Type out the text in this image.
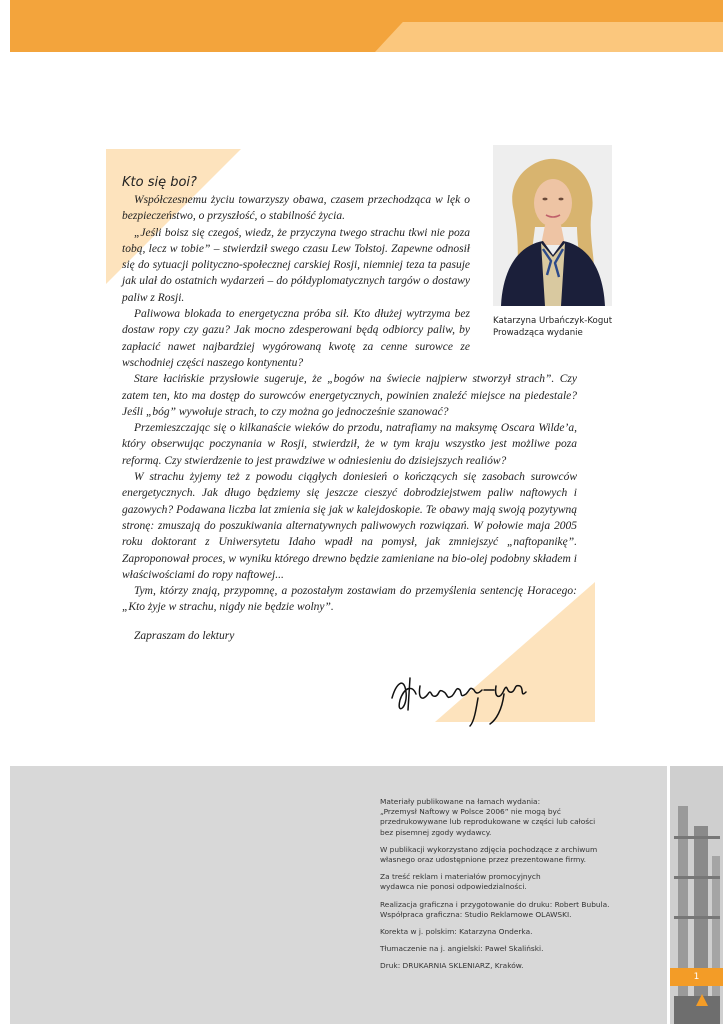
Katarzyna Urbańczyk-Kogut
Prowadząca wydanie
Kto się boi?

Współczesnemu życiu towarzyszy obawa, czasem przechodząca w lęk o bezpieczeństwo, o przyszłość, o stabilność życia.

„Jeśli boisz się czegoś, wiedz, że przyczyna twego strachu tkwi nie poza tobą, lecz w tobie” – stwierdził swego czasu Lew Tołstoj. Zapewne odnosił się do sytuacji polityczno-społecznej carskiej Rosji, niemniej teza ta pasuje jak ulał do ostatnich wydarzeń – do półdyplomatycznych targów o dostawy paliw z Rosji.

Paliwowa blokada to energetyczna próba sił. Kto dłużej wytrzyma bez dostaw ropy czy gazu? Jak mocno zdesperowani będą odbiorcy paliw, by zapłacić nawet najbardziej wygórowaną kwotę za cenne surowce ze wschodniej części naszego kontynentu?

Stare łacińskie przysłowie sugeruje, że „bogów na świecie najpierw stworzył strach”. Czy zatem ten, kto ma dostęp do surowców energetycznych, powinien znaleźć miejsce na piedestale? Jeśli „bóg” wywołuje strach, to czy można go jednocześnie szanować?

Przemieszczając się o kilkanaście wieków do przodu, natrafiamy na maksymę Oscara Wilde’a, który obserwując poczynania w Rosji, stwierdził, że w tym kraju wszystko jest możliwe poza reformą. Czy stwierdzenie to jest prawdziwe w odniesieniu do dzisiejszych realiów?

W strachu żyjemy też z powodu ciągłych doniesień o kończących się zasobach surowców energetycznych. Jak długo będziemy się jeszcze cieszyć dobrodziejstwem paliw naftowych i gazowych? Podawana liczba lat zmienia się jak w kalejdoskopie. Te obawy mają swoją pozytywną stronę: zmuszają do poszukiwania alternatywnych paliwowych rozwiązań. W połowie maja 2005 roku doktorant z Uniwersytetu Idaho wpadł na pomysł, jak zmniejszyć „naftopanikę”. Zaproponował proces, w wyniku którego drewno będzie zamieniane na bio-olej podobny składem i właściwościami do ropy naftowej...

Tym, którzy znają, przypomnę, a pozostałym zostawiam do przemyślenia sentencję Horacego: „Kto żyje w strachu, nigdy nie będzie wolny”.

Zapraszam do lektury

Materiały publikowane na łamach wydania:
„Przemysł Naftowy w Polsce 2006” nie mogą być
przedrukowywane lub reprodukowane w części lub całości
bez pisemnej zgody wydawcy.

W publikacji wykorzystano zdjęcia pochodzące z archiwum
własnego oraz udostępnione przez prezentowane firmy.

Za treść reklam i materiałów promocyjnych
wydawca nie ponosi odpowiedzialności.

Realizacja graficzna i przygotowanie do druku: Robert Bubula.
Współpraca graficzna: Studio Reklamowe OLAWSKI.

Korekta w j. polskim: Katarzyna Onderka.

Tłumaczenie na j. angielski: Paweł Skaliński.

Druk: DRUKARNIA SKLENIARZ, Kraków.

1
